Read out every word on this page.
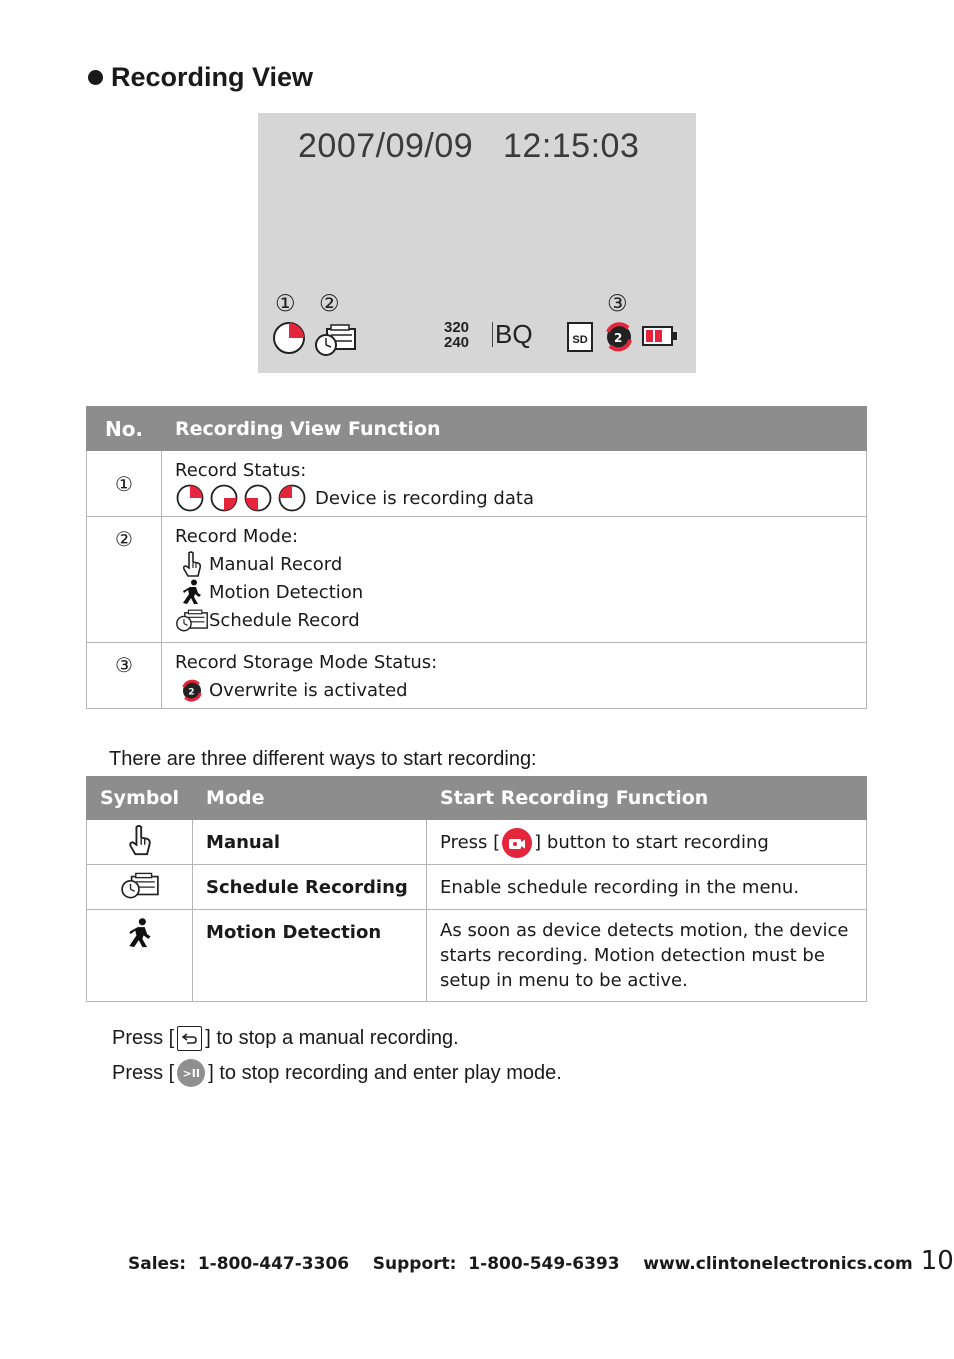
Recording View
2007/09/09   12:15:03
① ②	③
320
240 BQ	SD 2
No.	Recording View Function
①	Record Status:
Device is recording data

②	Record Mode:
Manual Record
Motion Detection
Schedule Record

③	Record Storage Mode Status:
2 Overwrite is activated
There are three different ways to start recording:
Symbol	Mode	Start Recording Function
	Manual	Press [ ] button to start recording
	Schedule Recording	Enable schedule recording in the menu.
	Motion Detection	As soon as device detects motion, the device starts recording. Motion detection must be setup in menu to be active.
Press [ ] to stop a manual recording.
Press [ >II ] to stop recording and enter play mode.
Sales:  1-800-447-3306
Support:  1-800-549-6393
www.clintonelectronics.com 10
